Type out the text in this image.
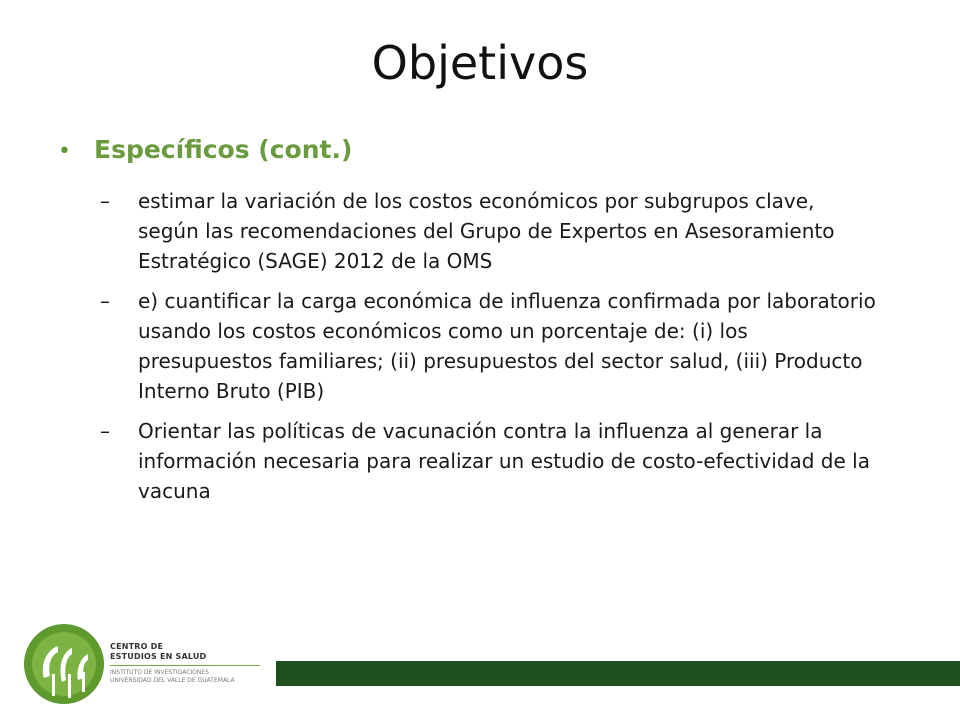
Objetivos
• Específicos (cont.)
–	estimar la variación de los costos económicos por subgrupos clave, según las recomendaciones del Grupo de Expertos en Asesoramiento Estratégico (SAGE) 2012 de la OMS
–	e) cuantificar la carga económica de influenza confirmada por laboratorio usando los costos económicos como un porcentaje de: (i) los presupuestos familiares; (ii) presupuestos del sector salud, (iii) Producto Interno Bruto (PIB)
–	Orientar las políticas de vacunación contra la influenza al generar la información necesaria para realizar un estudio de costo-efectividad de la vacuna
CENTRO DE
ESTUDIOS EN SALUD
INSTITUTO DE INVESTIGACIONES
UNIVERSIDAD DEL VALLE DE GUATEMALA
